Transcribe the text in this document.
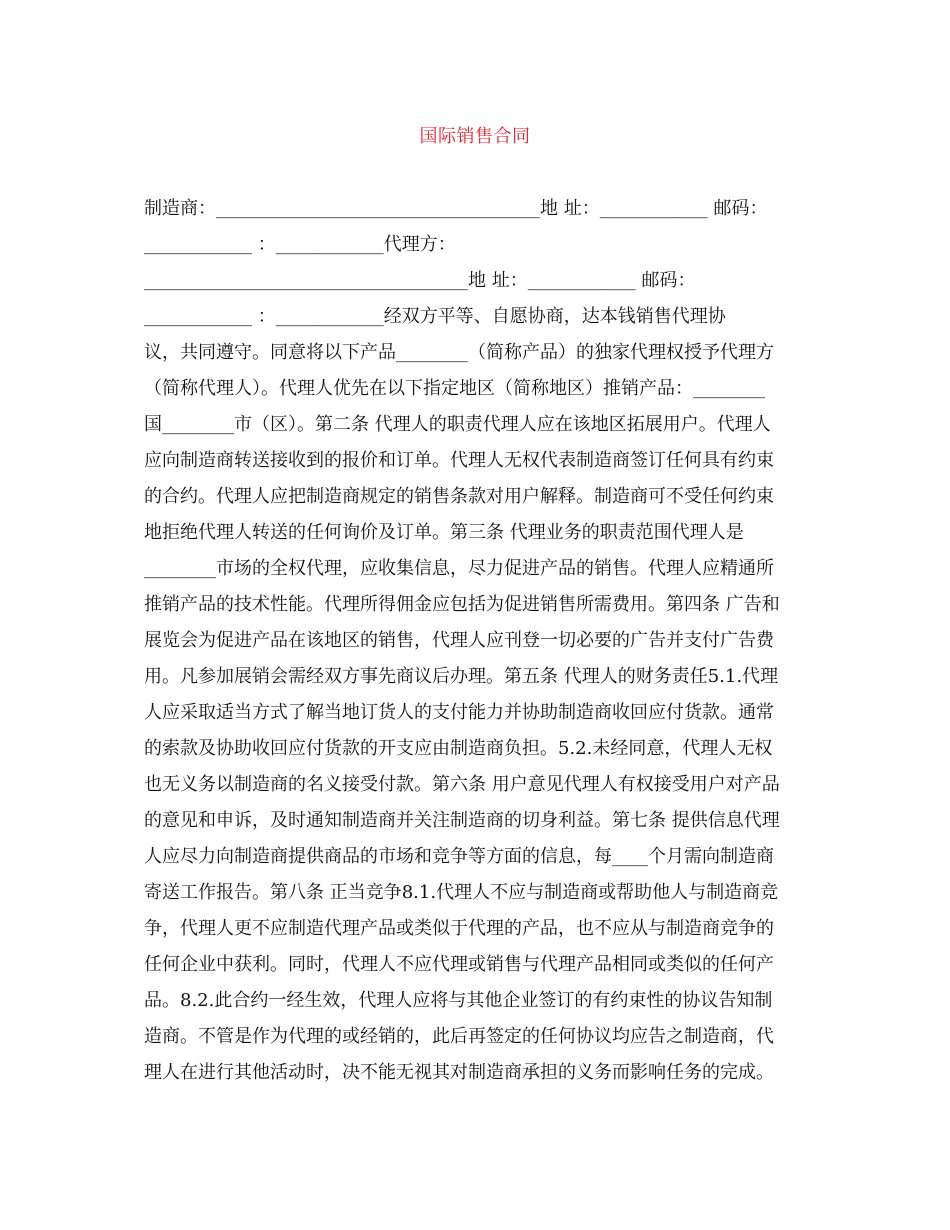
国际销售合同
制造商：____________________________________地 址：____________ 邮码：
____________ ：____________代理方：
____________________________________地 址：____________ 邮码：
____________ ：____________经双方平等、自愿协商，达本钱销售代理协
议，共同遵守。同意将以下产品________（简称产品）的独家代理权授予代理方
（简称代理人）。代理人优先在以下指定地区（简称地区）推销产品：________
国________市（区）。第二条 代理人的职责代理人应在该地区拓展用户。代理人
应向制造商转送接收到的报价和订单。代理人无权代表制造商签订任何具有约束
的合约。代理人应把制造商规定的销售条款对用户解释。制造商可不受任何约束
地拒绝代理人转送的任何询价及订单。第三条 代理业务的职责范围代理人是
________市场的全权代理，应收集信息，尽力促进产品的销售。代理人应精通所
推销产品的技术性能。代理所得佣金应包括为促进销售所需费用。第四条 广告和
展览会为促进产品在该地区的销售，代理人应刊登一切必要的广告并支付广告费
用。凡参加展销会需经双方事先商议后办理。第五条 代理人的财务责任5.1.代理
人应采取适当方式了解当地订货人的支付能力并协助制造商收回应付货款。通常
的索款及协助收回应付货款的开支应由制造商负担。5.2.未经同意，代理人无权
也无义务以制造商的名义接受付款。第六条 用户意见代理人有权接受用户对产品
的意见和申诉，及时通知制造商并关注制造商的切身利益。第七条 提供信息代理
人应尽力向制造商提供商品的市场和竞争等方面的信息，每____个月需向制造商
寄送工作报告。第八条 正当竞争8.1.代理人不应与制造商或帮助他人与制造商竞
争，代理人更不应制造代理产品或类似于代理的产品，也不应从与制造商竞争的
任何企业中获利。同时，代理人不应代理或销售与代理产品相同或类似的任何产
品。8.2.此合约一经生效，代理人应将与其他企业签订的有约束性的协议告知制
造商。不管是作为代理的或经销的，此后再签定的任何协议均应告之制造商，代
理人在进行其他活动时，决不能无视其对制造商承担的义务而影响任务的完成。
